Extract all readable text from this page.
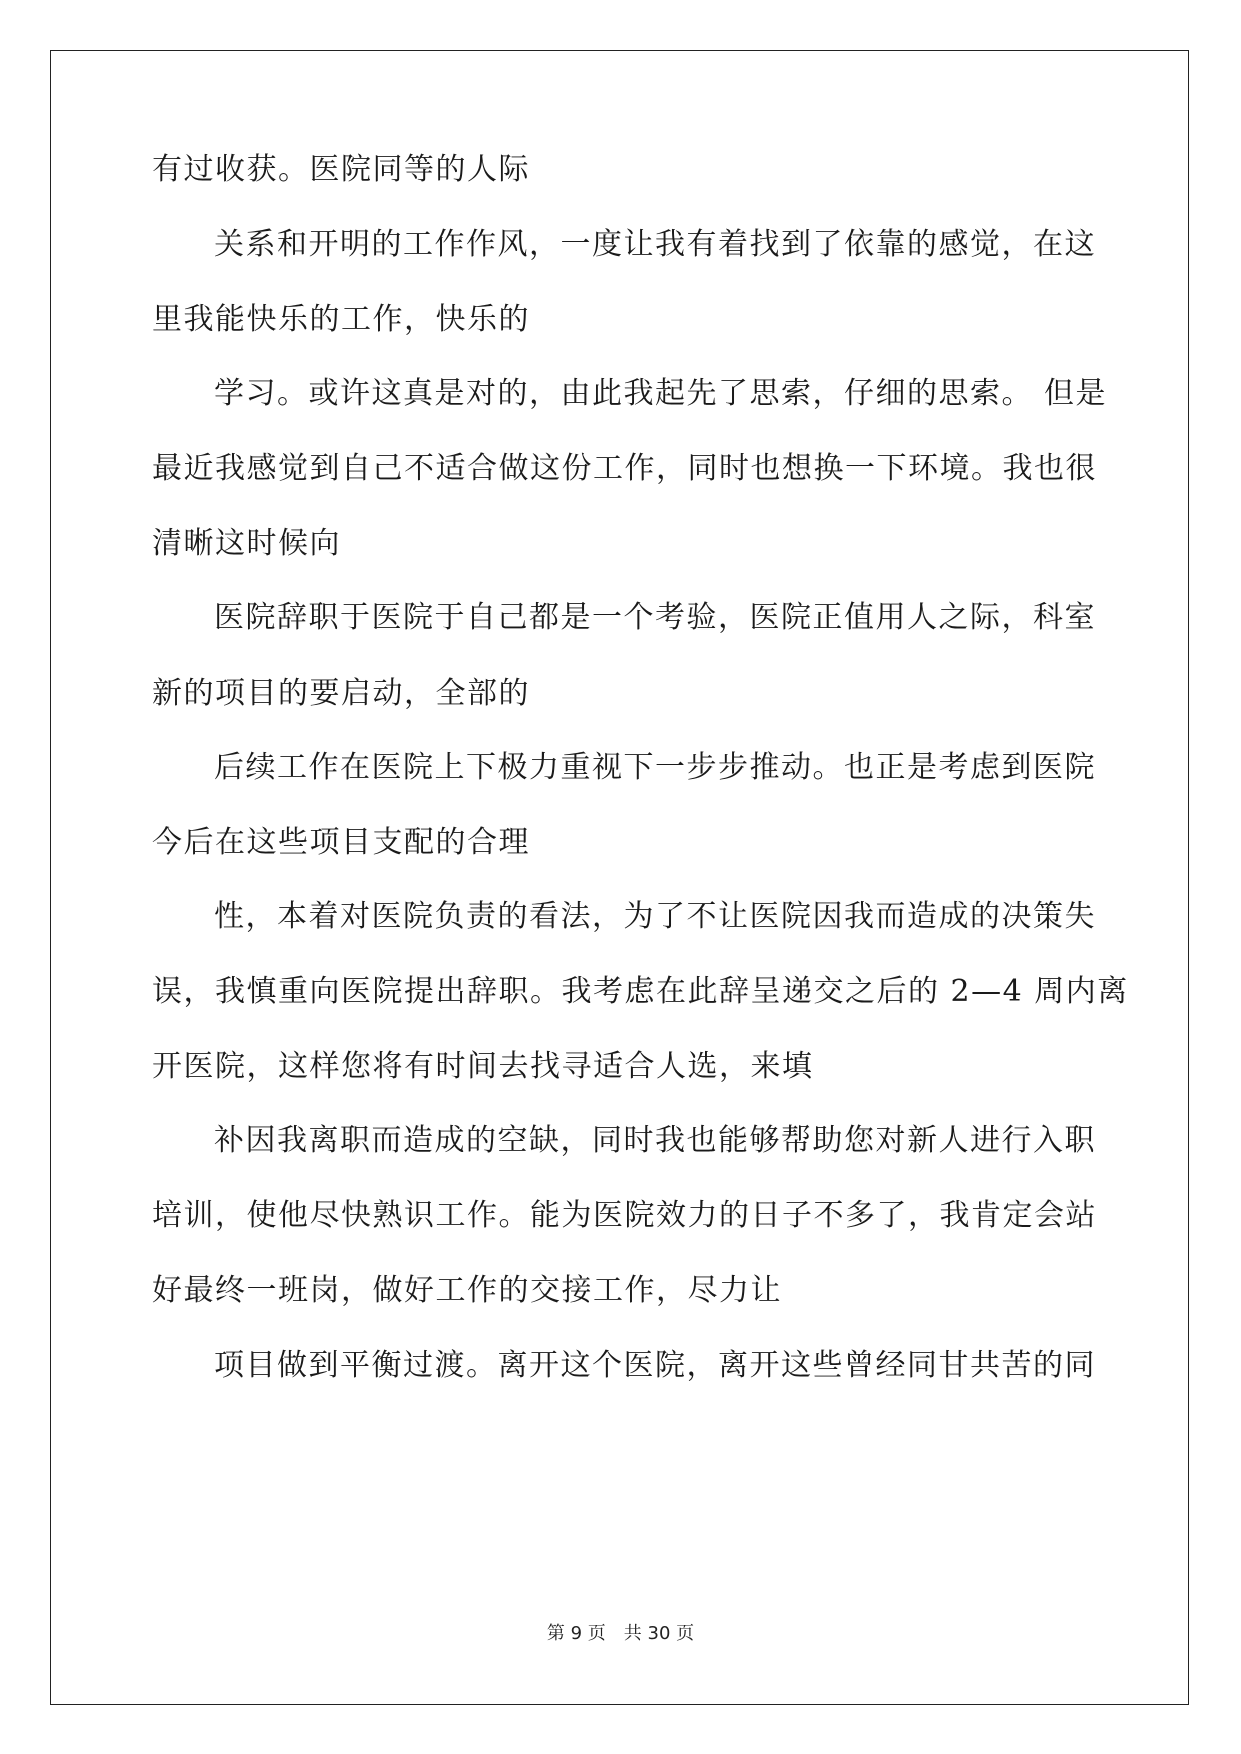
有过收获。医院同等的人际
关系和开明的工作作风，一度让我有着找到了依靠的感觉，在这
里我能快乐的工作，快乐的
学习。或许这真是对的，由此我起先了思索，仔细的思索。 但是
最近我感觉到自己不适合做这份工作，同时也想换一下环境。我也很
清晰这时候向
医院辞职于医院于自己都是一个考验，医院正值用人之际，科室
新的项目的要启动，全部的
后续工作在医院上下极力重视下一步步推动。也正是考虑到医院
今后在这些项目支配的合理
性，本着对医院负责的看法，为了不让医院因我而造成的决策失
误，我慎重向医院提出辞职。我考虑在此辞呈递交之后的 2—4 周内离
开医院，这样您将有时间去找寻适合人选，来填
补因我离职而造成的空缺，同时我也能够帮助您对新人进行入职
培训，使他尽快熟识工作。能为医院效力的日子不多了，我肯定会站
好最终一班岗，做好工作的交接工作，尽力让
项目做到平衡过渡。离开这个医院，离开这些曾经同甘共苦的同
第 9 页 共 30 页
